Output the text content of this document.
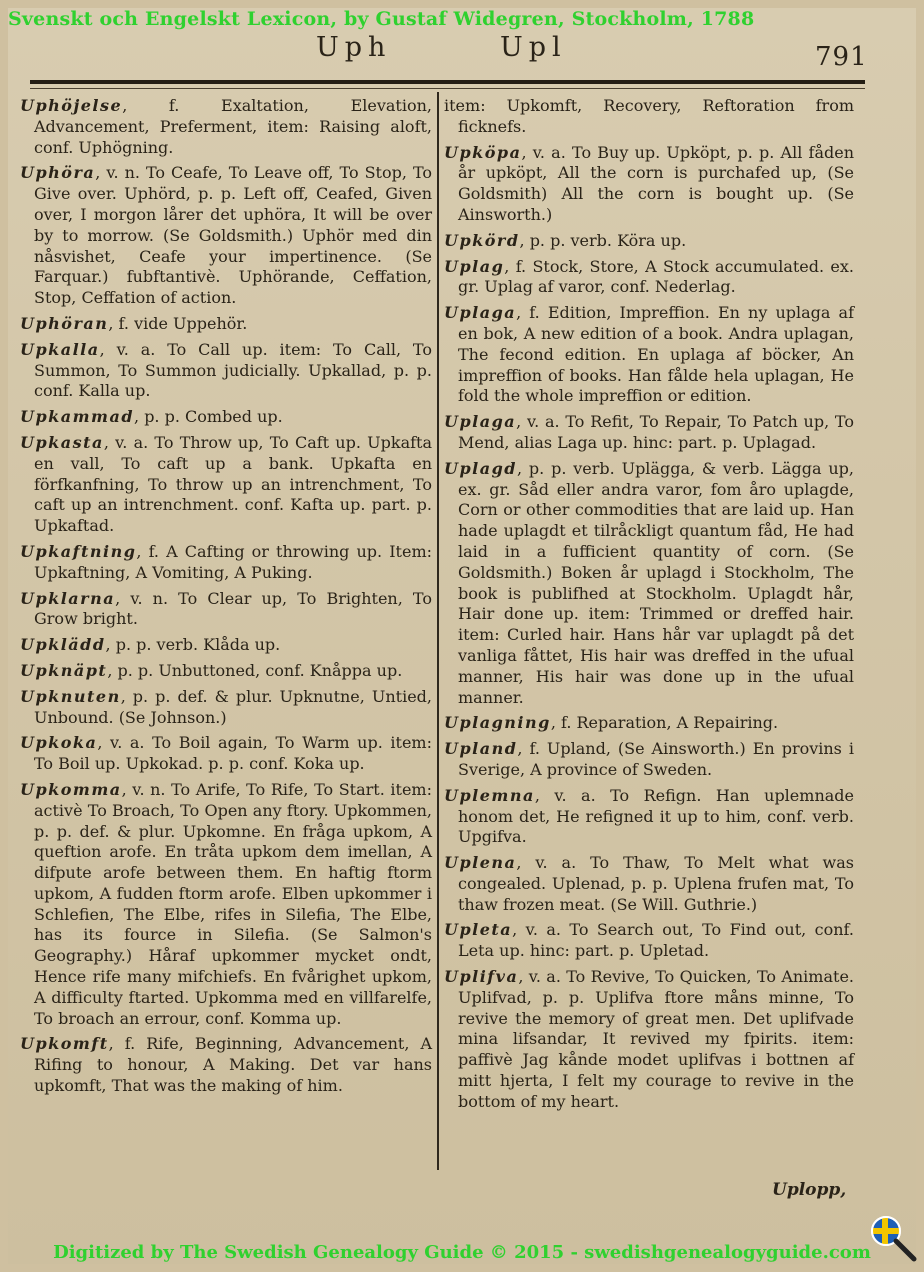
Svenskt och Engelskt Lexicon, by Gustaf Widegren, Stockholm, 1788
Uph	Upl	791

Uphöjelse, f. Exaltation, Elevation, Advancement, Preferment, item: Raising aloft, conf. Uphögning.

Uphöra, v. n. To Ceafe, To Leave off, To Stop, To Give over. Uphörd, p. p. Left off, Ceafed, Given over, I morgon lårer det uphöra, It will be over by to morrow. (Se Goldsmith.) Uphör med din nåsvishet, Ceafe your impertinence. (Se Farquar.) fubftantivè. Uphörande, Ceffation, Stop, Ceffation of action.

Uphöran, f. vide Uppehör.

Upkalla, v. a. To Call up. item: To Call, To Summon, To Summon judicially. Upkallad, p. p. conf. Kalla up.

Upkammad, p. p. Combed up.

Upkasta, v. a. To Throw up, To Caft up. Upkafta en vall, To caft up a bank. Upkafta en förfkanfning, To throw up an intrenchment, To caft up an intrenchment. conf. Kafta up. part. p. Upkaftad.

Upkaftning, f. A Cafting or throwing up. Item: Upkaftning, A Vomiting, A Puking.

Upklarna, v. n. To Clear up, To Brighten, To Grow bright.

Upklädd, p. p. verb. Klåda up.

Upknäpt, p. p. Unbuttoned, conf. Knåppa up.

Upknuten, p. p. def. & plur. Upknutne, Untied, Unbound. (Se Johnson.)

Upkoka, v. a. To Boil again, To Warm up. item: To Boil up. Upkokad. p. p. conf. Koka up.

Upkomma, v. n. To Arife, To Rife, To Start. item: activè To Broach, To Open any ftory. Upkommen, p. p. def. & plur. Upkomne. En fråga upkom, A queftion arofe. En tråta upkom dem imellan, A difpute arofe between them. En haftig ftorm upkom, A fudden ftorm arofe. Elben upkommer i Schlefien, The Elbe, rifes in Silefia, The Elbe, has its fource in Silefia. (Se Salmon's Geography.) Håraf upkommer mycket ondt, Hence rife many mifchiefs. En fvårighet upkom, A difficulty ftarted. Upkomma med en villfarelfe, To broach an errour, conf. Komma up.

Upkomft, f. Rife, Beginning, Advancement, A Rifing to honour, A Making. Det var hans upkomft, That was the making of him.

item: Upkomft, Recovery, Reftoration from ficknefs.

Upköpa, v. a. To Buy up. Upköpt, p. p. All fåden år upköpt, All the corn is purchafed up, (Se Goldsmith) All the corn is bought up. (Se Ainsworth.)

Upkörd, p. p. verb. Köra up.

Uplag, f. Stock, Store, A Stock accumulated. ex. gr. Uplag af varor, conf. Nederlag.

Uplaga, f. Edition, Impreffion. En ny uplaga af en bok, A new edition of a book. Andra uplagan, The fecond edition. En uplaga af böcker, An impreffion of books. Han fålde hela uplagan, He fold the whole impreffion or edition.

Uplaga, v. a. To Refit, To Repair, To Patch up, To Mend, alias Laga up. hinc: part. p. Uplagad.

Uplagd, p. p. verb. Uplägga, & verb. Lägga up, ex. gr. Såd eller andra varor, fom åro uplagde, Corn or other commodities that are laid up. Han hade uplagdt et tilråckligt quantum fåd, He had laid in a fufficient quantity of corn. (Se Goldsmith.) Boken år uplagd i Stockholm, The book is publifhed at Stockholm. Uplagdt hår, Hair done up. item: Trimmed or dreffed hair. item: Curled hair. Hans hår var uplagdt på det vanliga fåttet, His hair was dreffed in the ufual manner, His hair was done up in the ufual manner.

Uplagning, f. Reparation, A Repairing.

Upland, f. Upland, (Se Ainsworth.) En provins i Sverige, A province of Sweden.

Uplemna, v. a. To Refign. Han uplemnade honom det, He refigned it up to him, conf. verb. Upgifva.

Uplena, v. a. To Thaw, To Melt what was congealed. Uplenad, p. p. Uplena frufen mat, To thaw frozen meat. (Se Will. Guthrie.)

Upleta, v. a. To Search out, To Find out, conf. Leta up. hinc: part. p. Upletad.

Uplifva, v. a. To Revive, To Quicken, To Animate. Uplifvad, p. p. Uplifva ftore måns minne, To revive the memory of great men. Det uplifvade mina lifsandar, It revived my fpirits. item: paffivè Jag kånde modet uplifvas i bottnen af mitt hjerta, I felt my courage to revive in the bottom of my heart.

Uplopp,
Digitized by The Swedish Genealogy Guide © 2015 - swedishgenealogyguide.com
